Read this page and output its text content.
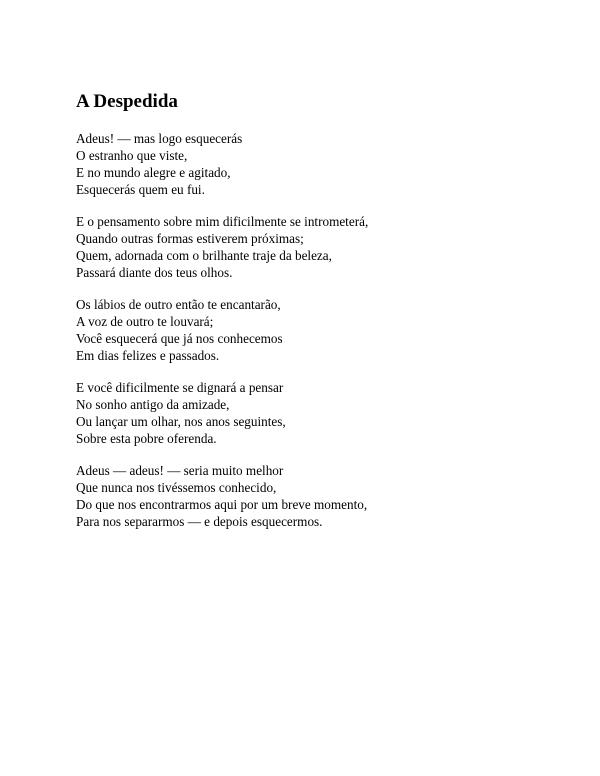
A Despedida
Adeus! — mas logo esquecerás
O estranho que viste,
E no mundo alegre e agitado,
Esquecerás quem eu fui.
E o pensamento sobre mim dificilmente se intrometerá,
Quando outras formas estiverem próximas;
Quem, adornada com o brilhante traje da beleza,
Passará diante dos teus olhos.
Os lábios de outro então te encantarão,
A voz de outro te louvará;
Você esquecerá que já nos conhecemos
Em dias felizes e passados.
E você dificilmente se dignará a pensar
No sonho antigo da amizade,
Ou lançar um olhar, nos anos seguintes,
Sobre esta pobre oferenda.
Adeus — adeus! — seria muito melhor
Que nunca nos tivéssemos conhecido,
Do que nos encontrarmos aqui por um breve momento,
Para nos separarmos — e depois esquecermos.
